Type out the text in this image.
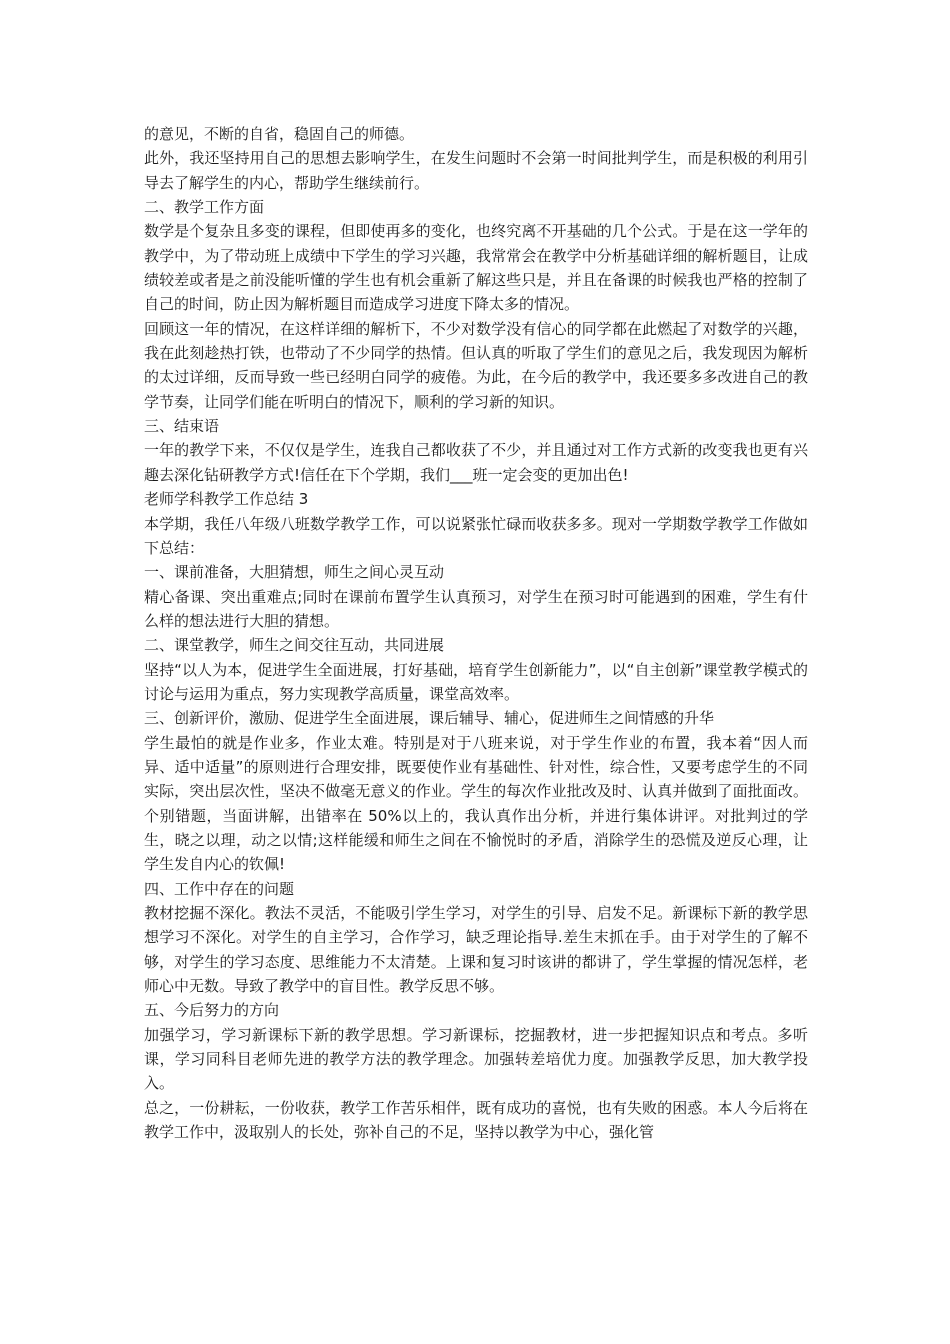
的意见，不断的自省，稳固自己的师德。

此外，我还坚持用自己的思想去影响学生，在发生问题时不会第一时间批判学生，而是积极的利用引导去了解学生的内心，帮助学生继续前行。

二、教学工作方面

数学是个复杂且多变的课程，但即使再多的变化，也终究离不开基础的几个公式。于是在这一学年的教学中，为了带动班上成绩中下学生的学习兴趣，我常常会在教学中分析基础详细的解析题目，让成绩较差或者是之前没能听懂的学生也有机会重新了解这些只是，并且在备课的时候我也严格的控制了自己的时间，防止因为解析题目而造成学习进度下降太多的情况。

回顾这一年的情况，在这样详细的解析下，不少对数学没有信心的同学都在此燃起了对数学的兴趣，我在此刻趁热打铁，也带动了不少同学的热情。但认真的听取了学生们的意见之后，我发现因为解析的太过详细，反而导致一些已经明白同学的疲倦。为此，在今后的教学中，我还要多多改进自己的教学节奏，让同学们能在听明白的情况下，顺利的学习新的知识。

三、结束语

一年的教学下来，不仅仅是学生，连我自己都收获了不少，并且通过对工作方式新的改变我也更有兴趣去深化钻研教学方式!信任在下个学期，我们___班一定会变的更加出色!

老师学科教学工作总结 3

本学期，我任八年级八班数学教学工作，可以说紧张忙碌而收获多多。现对一学期数学教学工作做如下总结：

一、课前准备，大胆猜想，师生之间心灵互动

精心备课、突出重难点;同时在课前布置学生认真预习，对学生在预习时可能遇到的困难，学生有什么样的想法进行大胆的猜想。

二、课堂教学，师生之间交往互动，共同进展

坚持“以人为本，促进学生全面进展，打好基础，培育学生创新能力”，以“自主创新”课堂教学模式的讨论与运用为重点，努力实现教学高质量，课堂高效率。

三、创新评价，激励、促进学生全面进展，课后辅导、辅心，促进师生之间情感的升华

学生最怕的就是作业多，作业太难。特别是对于八班来说，对于学生作业的布置，我本着“因人而异、适中适量”的原则进行合理安排，既要使作业有基础性、针对性，综合性，又要考虑学生的不同实际，突出层次性，坚决不做毫无意义的作业。学生的每次作业批改及时、认真并做到了面批面改。个别错题，当面讲解，出错率在 50%以上的，我认真作出分析，并进行集体讲评。对批判过的学生，晓之以理，动之以情;这样能缓和师生之间在不愉悦时的矛盾，消除学生的恐慌及逆反心理，让学生发自内心的钦佩!

四、工作中存在的问题

教材挖掘不深化。教法不灵活，不能吸引学生学习，对学生的引导、启发不足。新课标下新的教学思想学习不深化。对学生的自主学习，合作学习，缺乏理论指导.差生末抓在手。由于对学生的了解不够，对学生的学习态度、思维能力不太清楚。上课和复习时该讲的都讲了，学生掌握的情况怎样，老师心中无数。导致了教学中的盲目性。教学反思不够。

五、今后努力的方向

加强学习，学习新课标下新的教学思想。学习新课标，挖掘教材，进一步把握知识点和考点。多听课，学习同科目老师先进的教学方法的教学理念。加强转差培优力度。加强教学反思，加大教学投入。

总之，一份耕耘，一份收获，教学工作苦乐相伴，既有成功的喜悦，也有失败的困惑。本人今后将在教学工作中，汲取别人的长处，弥补自己的不足，坚持以教学为中心，强化管
